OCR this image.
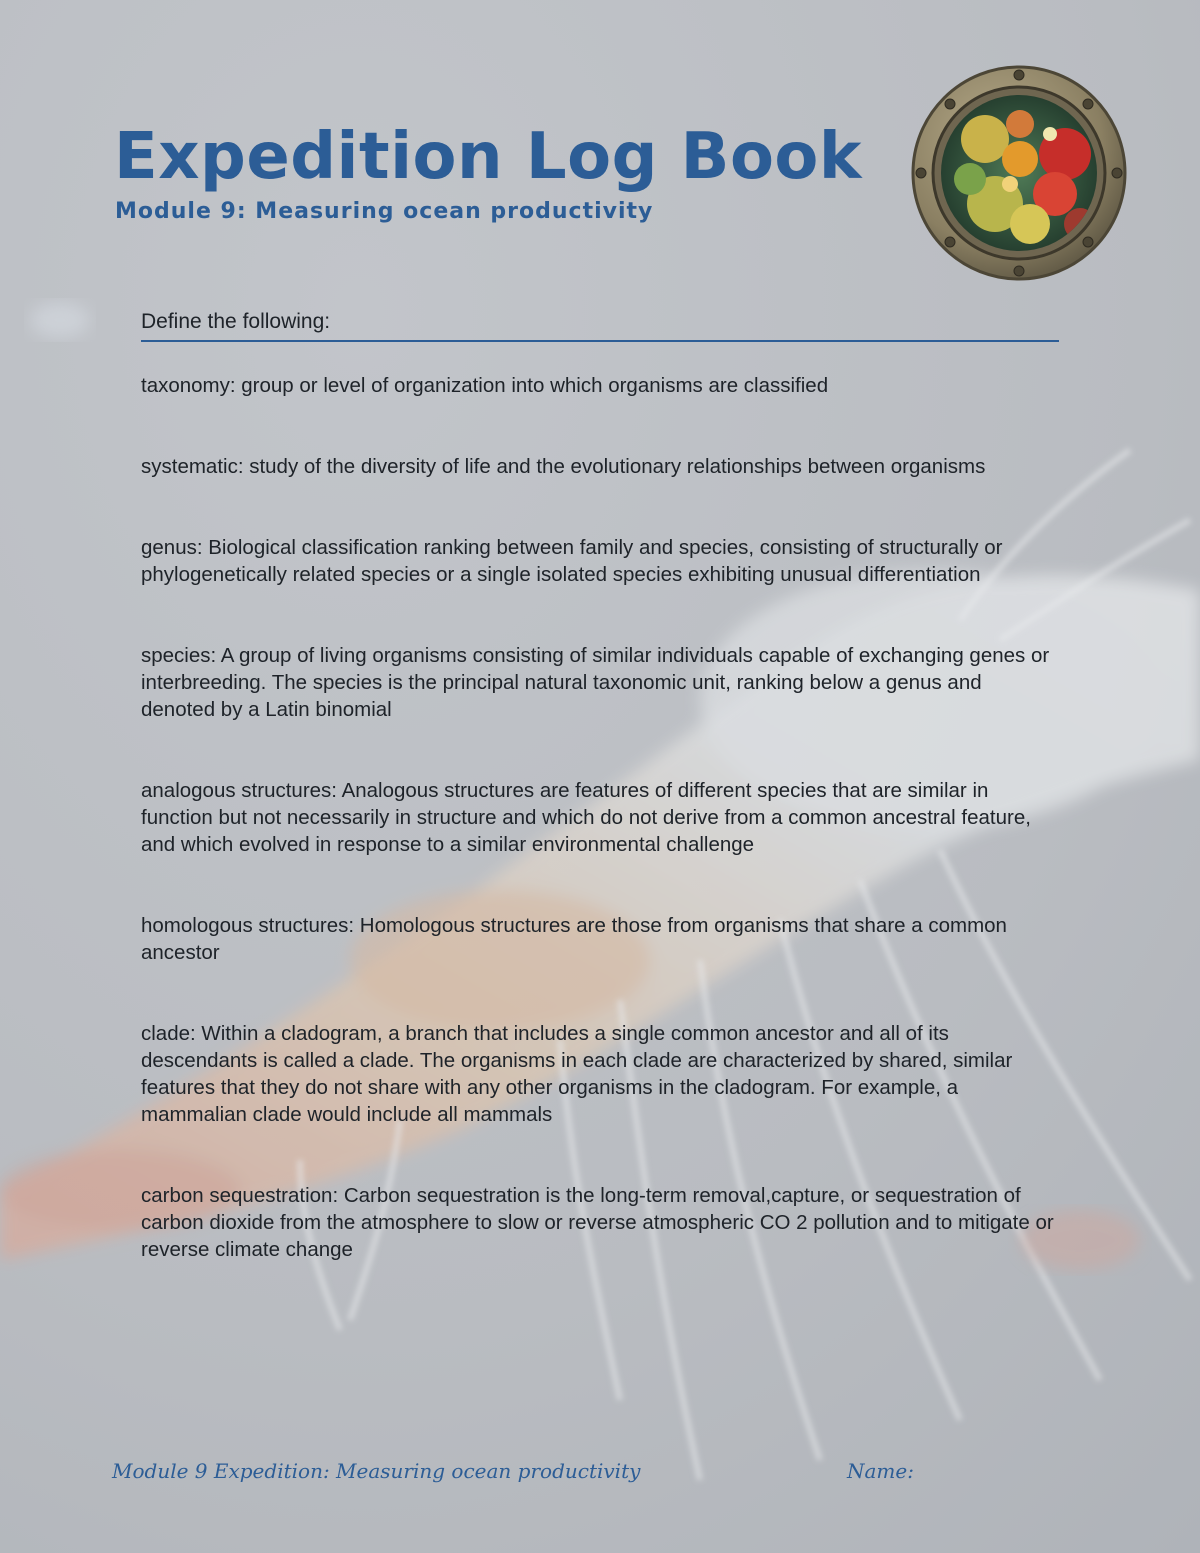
Expedition Log Book
Module 9: Measuring ocean productivity

Define the following:

taxonomy: group or level of organization into which organisms are classified

systematic: study of the diversity of life and the evolutionary relationships between organisms

genus: Biological classification ranking between family and species, consisting of structurally or phylogenetically related species or a single isolated species exhibiting unusual differentiation

species: A group of living organisms consisting of similar individuals capable of exchanging genes or interbreeding. The species is the principal natural taxonomic unit, ranking below a genus and denoted by a Latin binomial

analogous structures: Analogous structures are features of different species that are similar in function but not necessarily in structure and which do not derive from a common ancestral feature, and which evolved in response to a similar environmental challenge

homologous structures: Homologous structures are those from organisms that share a common ancestor

clade: Within a cladogram, a branch that includes a single common ancestor and all of its descendants is called a clade. The organisms in each clade are characterized by shared, similar features that they do not share with any other organisms in the cladogram. For example, a mammalian clade would include all mammals

carbon sequestration: Carbon sequestration is the long-term removal,capture, or sequestration of carbon dioxide from the atmosphere to slow or reverse atmospheric CO 2 pollution and to mitigate or reverse climate change

Module 9 Expedition: Measuring ocean productivity	Name:
